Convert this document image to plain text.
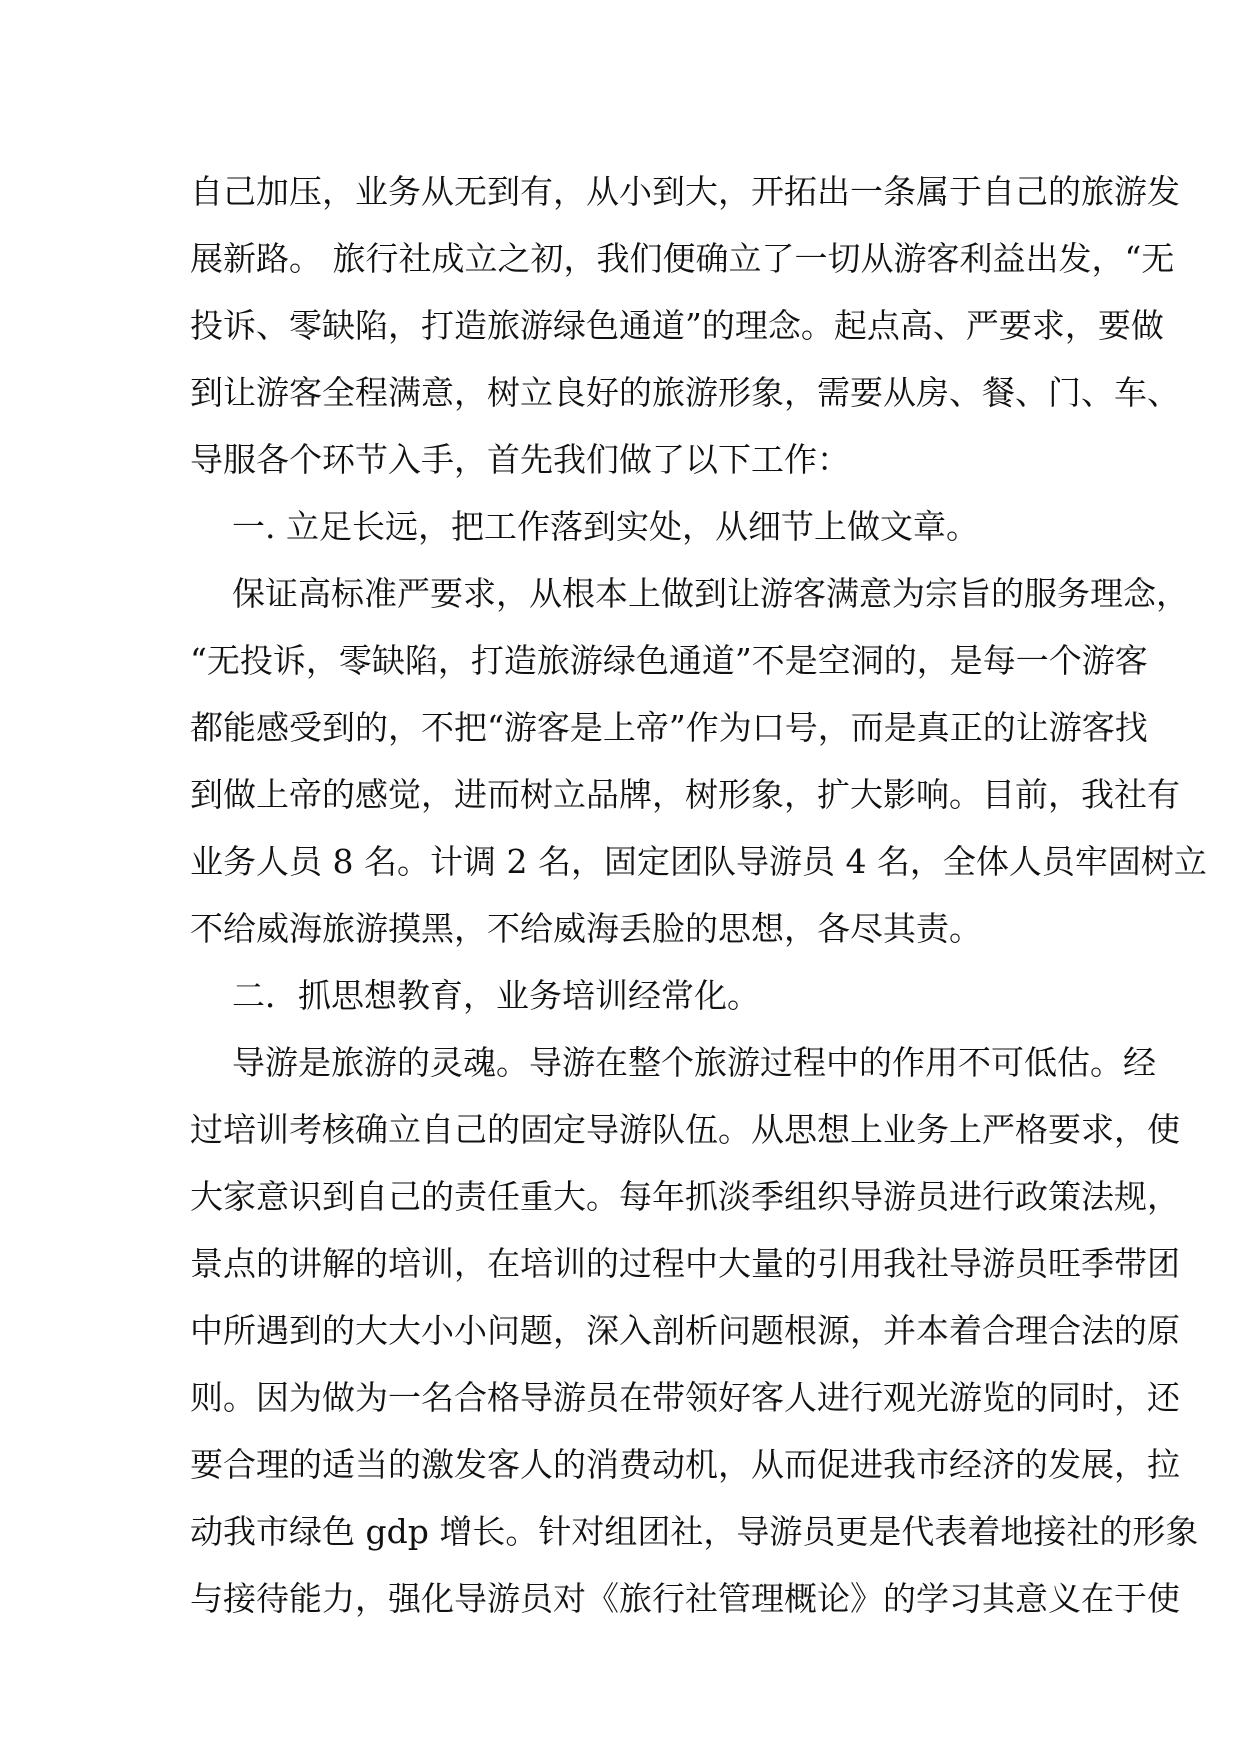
自己加压，业务从无到有，从小到大，开拓出一条属于自己的旅游发
展新路。 旅行社成立之初，我们便确立了一切从游客利益出发，“无
投诉、零缺陷，打造旅游绿色通道”的理念。起点高、严要求，要做
到让游客全程满意，树立良好的旅游形象，需要从房、餐、门、车、
导服各个环节入手，首先我们做了以下工作：
一. 立足长远，把工作落到实处，从细节上做文章。
保证高标准严要求，从根本上做到让游客满意为宗旨的服务理念，
“无投诉，零缺陷，打造旅游绿色通道”不是空洞的，是每一个游客
都能感受到的，不把“游客是上帝”作为口号，而是真正的让游客找
到做上帝的感觉，进而树立品牌，树形象，扩大影响。目前，我社有
业务人员 8 名。计调 2 名，固定团队导游员 4 名，全体人员牢固树立
不给威海旅游摸黑，不给威海丢脸的思想，各尽其责。
二．抓思想教育，业务培训经常化。
导游是旅游的灵魂。导游在整个旅游过程中的作用不可低估。经
过培训考核确立自己的固定导游队伍。从思想上业务上严格要求，使
大家意识到自己的责任重大。每年抓淡季组织导游员进行政策法规，
景点的讲解的培训，在培训的过程中大量的引用我社导游员旺季带团
中所遇到的大大小小问题，深入剖析问题根源，并本着合理合法的原
则。因为做为一名合格导游员在带领好客人进行观光游览的同时，还
要合理的适当的激发客人的消费动机，从而促进我市经济的发展，拉
动我市绿色 gdp 增长。针对组团社，导游员更是代表着地接社的形象
与接待能力，强化导游员对《旅行社管理概论》的学习其意义在于使
